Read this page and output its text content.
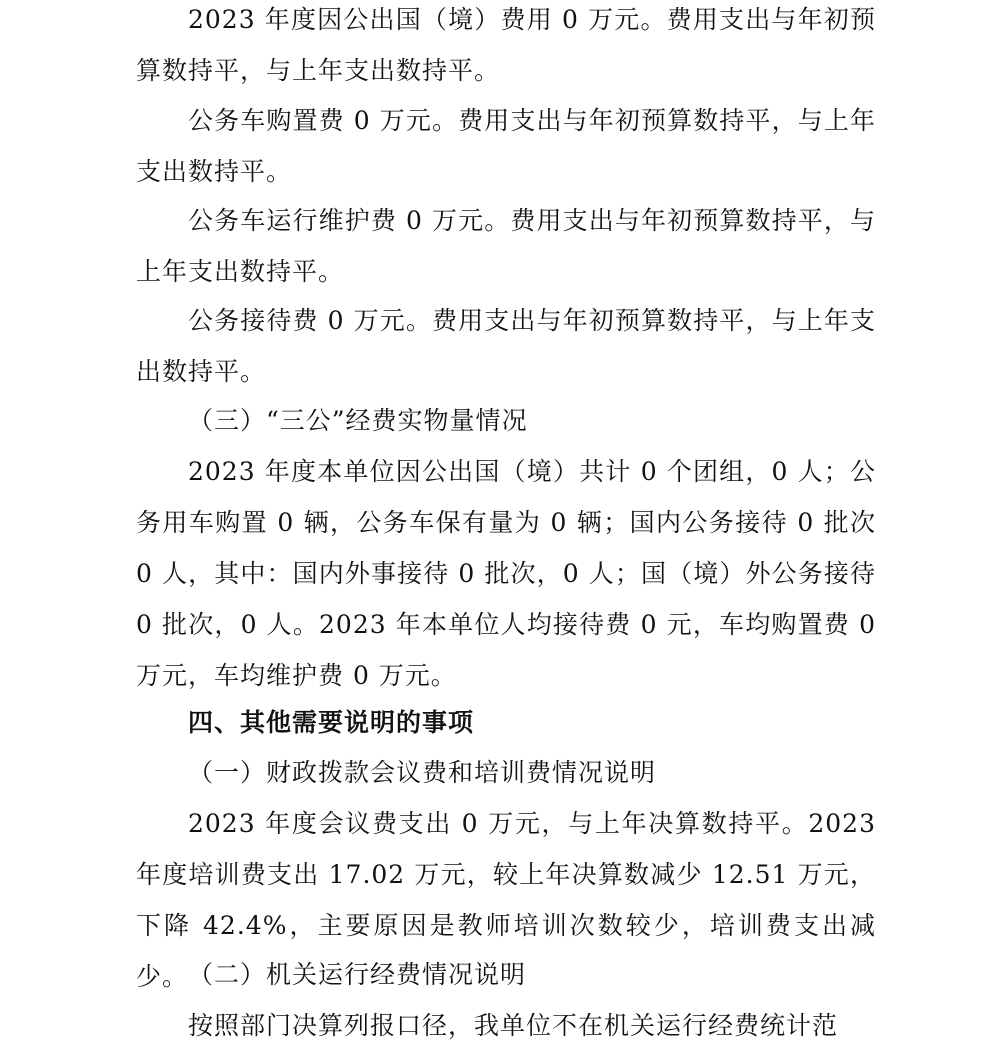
2023 年度因公出国（境）费用 0 万元。费用支出与年初预算数持平，与上年支出数持平。

公务车购置费 0 万元。费用支出与年初预算数持平，与上年支出数持平。

公务车运行维护费 0 万元。费用支出与年初预算数持平，与上年支出数持平。

公务接待费 0 万元。费用支出与年初预算数持平，与上年支出数持平。

（三）“三公”经费实物量情况

2023 年度本单位因公出国（境）共计 0 个团组，0 人；公务用车购置 0 辆，公务车保有量为 0 辆；国内公务接待 0 批次 0 人，其中：国内外事接待 0 批次，0 人；国（境）外公务接待 0 批次，0 人。2023 年本单位人均接待费 0 元，车均购置费 0 万元，车均维护费 0 万元。

四、其他需要说明的事项

（一）财政拨款会议费和培训费情况说明

2023 年度会议费支出 0 万元，与上年决算数持平。2023 年度培训费支出 17.02 万元，较上年决算数减少 12.51 万元，下降 42.4%，主要原因是教师培训次数较少，培训费支出减少。 （二）机关运行经费情况说明

按照部门决算列报口径，我单位不在机关运行经费统计范
